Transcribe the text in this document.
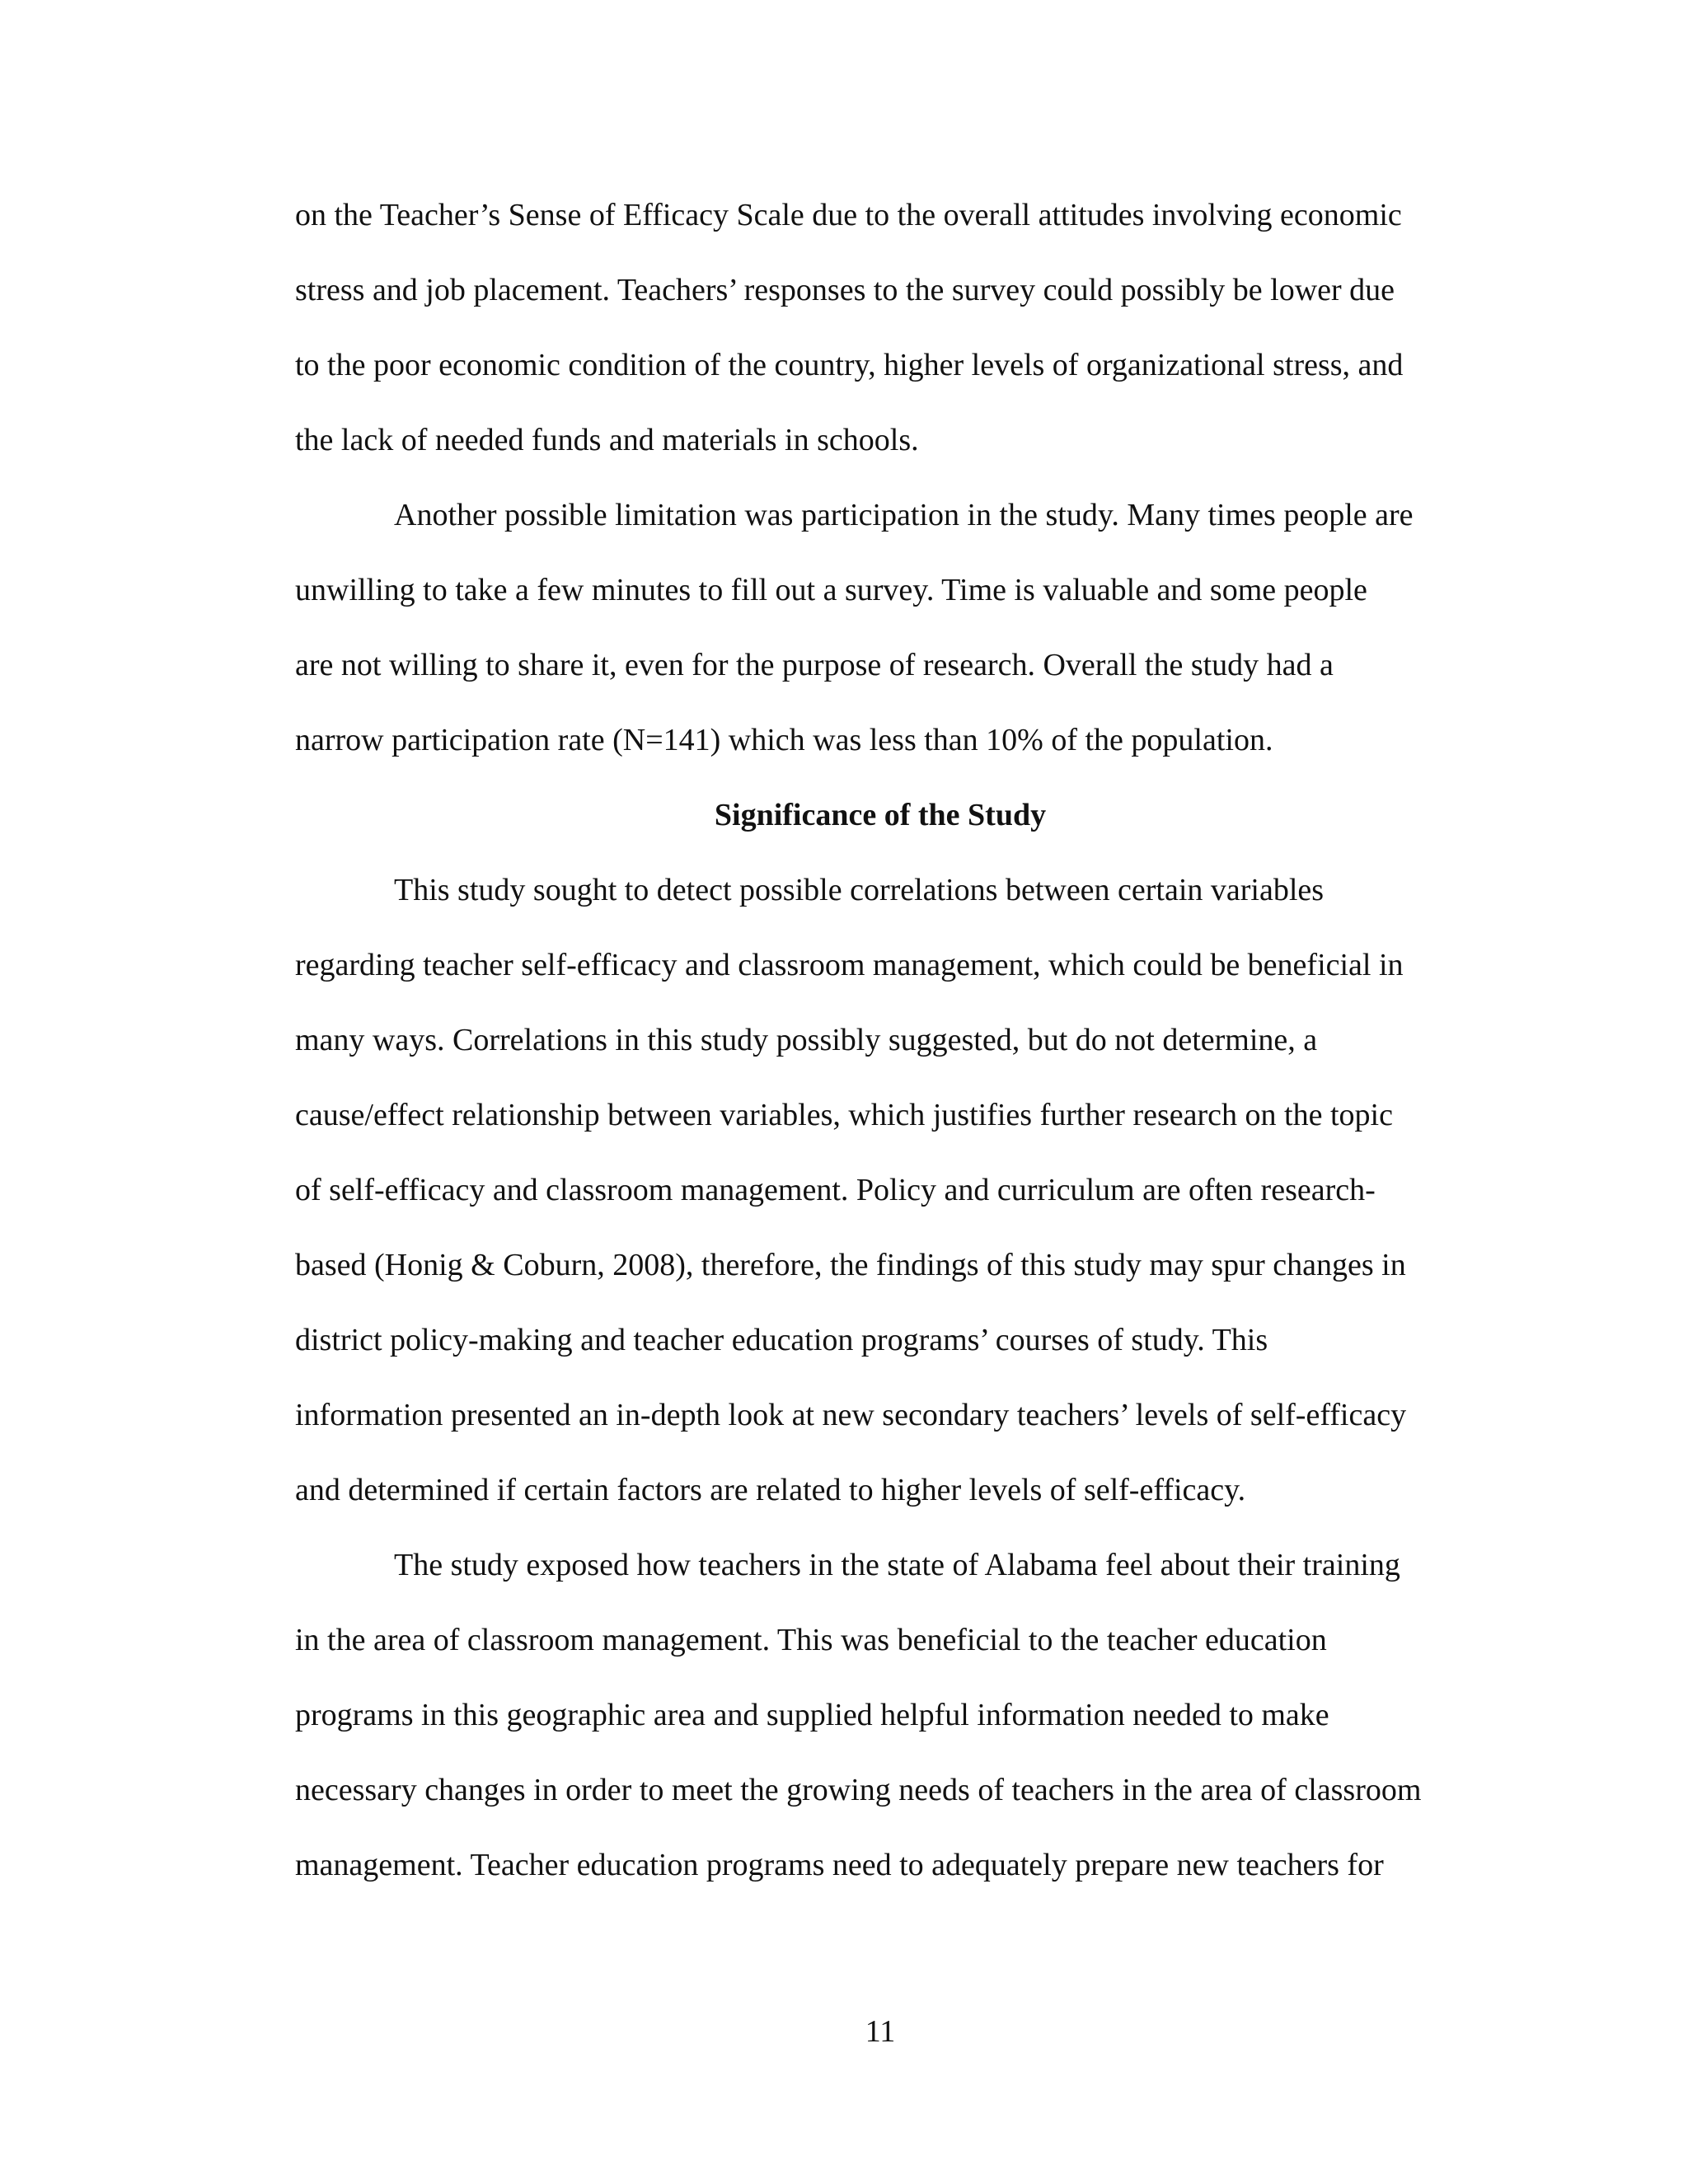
on the Teacher’s Sense of Efficacy Scale due to the overall attitudes involving economic
stress and job placement. Teachers’ responses to the survey could possibly be lower due
to the poor economic condition of the country, higher levels of organizational stress, and
the lack of needed funds and materials in schools.
Another possible limitation was participation in the study. Many times people are
unwilling to take a few minutes to fill out a survey. Time is valuable and some people
are not willing to share it, even for the purpose of research. Overall the study had a
narrow participation rate (N=141) which was less than 10% of the population.
Significance of the Study
This study sought to detect possible correlations between certain variables
regarding teacher self-efficacy and classroom management, which could be beneficial in
many ways. Correlations in this study possibly suggested, but do not determine, a
cause/effect relationship between variables, which justifies further research on the topic
of self-efficacy and classroom management. Policy and curriculum are often research-
based (Honig & Coburn, 2008), therefore, the findings of this study may spur changes in
district policy-making and teacher education programs’ courses of study. This
information presented an in-depth look at new secondary teachers’ levels of self-efficacy
and determined if certain factors are related to higher levels of self-efficacy.
The study exposed how teachers in the state of Alabama feel about their training
in the area of classroom management. This was beneficial to the teacher education
programs in this geographic area and supplied helpful information needed to make
necessary changes in order to meet the growing needs of teachers in the area of classroom
management. Teacher education programs need to adequately prepare new teachers for
11
